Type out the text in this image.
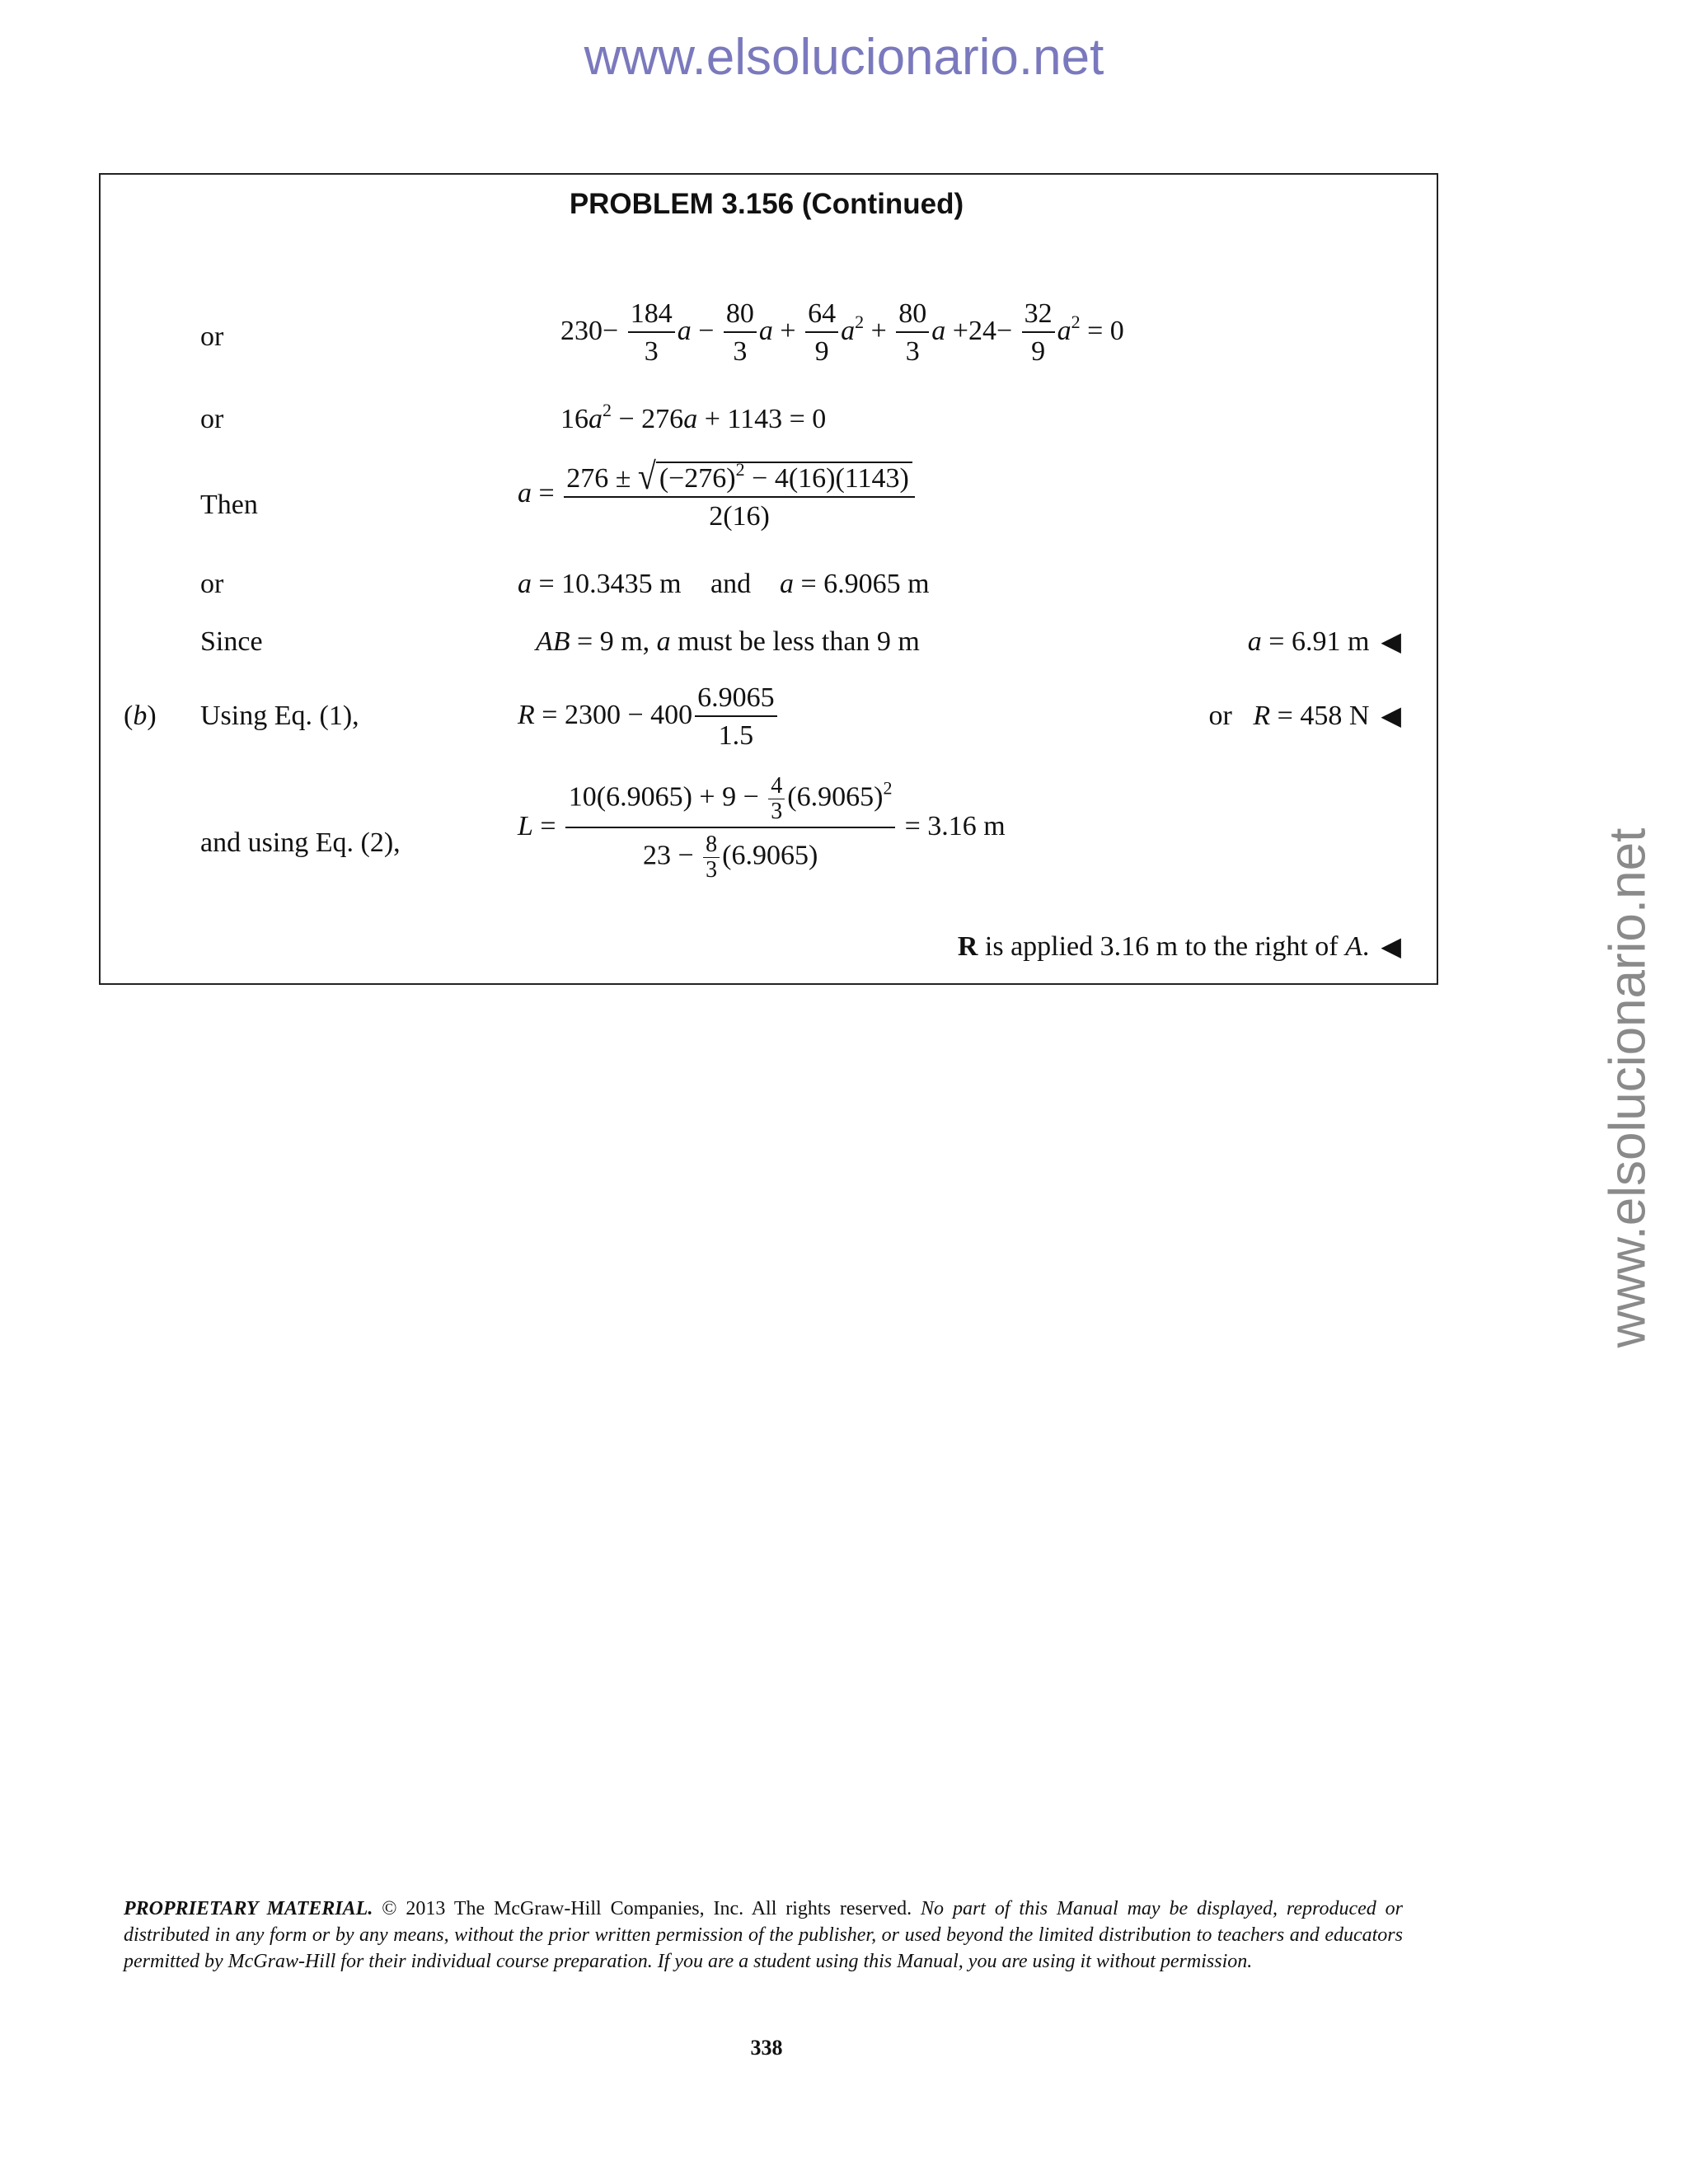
www.elsolucionario.net
www.elsolucionario.net
PROBLEM 3.156 (Continued)
or	$230- \frac{184}{3}$ $a - \frac{80}{3}$ $a + \frac{64}{9} a^2 + \frac{80}{3}$ $a +24- \frac{32}{9} a^2 = 0$
or	$16a^2 - 276a + 1143 = 0$
Then	$a = \frac{276 \pm √ (-276)^2 - 4(16)(1143)}{2(16)}$
or	a = 10.3435 m and a = 6.9065 m
Since	AB = 9 m, a must be less than 9 m	a = 6.91 m ◀
(b) Using Eq. (1),	$R = 2300 - 400 \frac{6.9065}{1.5}$	or R = 458 N ◀
and using Eq. (2),
$L = \frac{10(6.9065) + 9 - \frac{4}{3} (6.9065)^2}{23 - \frac{8}{3} (6.9065)} = 3.16$ m
R is applied 3.16 m to the right of A. ◀
PROPRIETARY MATERIAL. © 2013 The McGraw-Hill Companies, Inc. All rights reserved. No part of this Manual may be displayed, reproduced or distributed in any form or by any means, without the prior written permission of the publisher, or used beyond the limited distribution to teachers and educators permitted by McGraw-Hill for their individual course preparation. If you are a student using this Manual, you are using it without permission.
338
